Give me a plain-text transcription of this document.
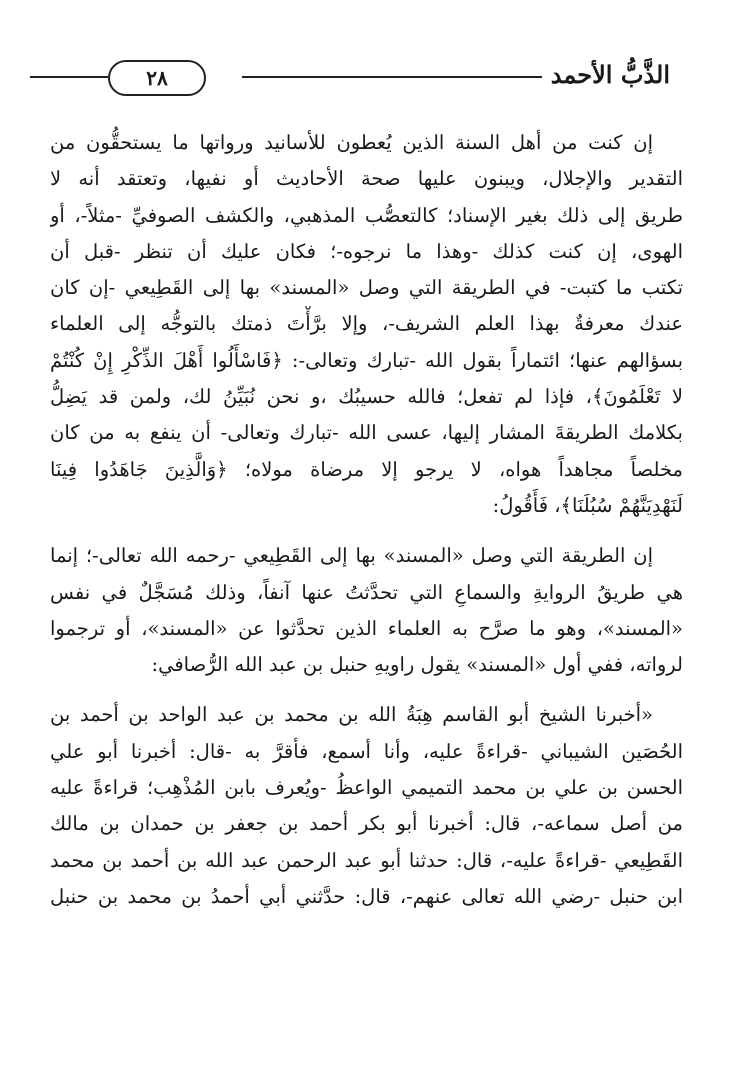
الذَّبُّ الأحمد
٢٨
إن كنت من أهل السنة الذين يُعطون للأسانيد ورواتها ما يستحقُّون من
التقدير والإجلال، ويبنون عليها صحة الأحاديث أو نفيها، وتعتقد أنه لا
طريق إلى ذلك بغير الإسناد؛ كالتعصُّب المذهبي، والكشف الصوفيِّ -مثلاً-، أو
الهوى، إن كنت كذلك -وهذا ما نرجوه-؛ فكان عليك أن تنظر -قبل أن
تكتب ما كتبت- في الطريقة التي وصل «المسند» بها إلى القَطِيعي -إن كان
عندك معرفةٌ بهذا العلم الشريف-، وإلا برَّأْتَ ذمتك بالتوجُّه إلى العلماء
بسؤالهم عنها؛ ائتماراً بقول الله -تبارك وتعالى-: ﴿فَاسْأَلُوا أَهْلَ الذِّكْرِ إِنْ كُنْتُمْ
لا تَعْلَمُونَ﴾، فإذا لم تفعل؛ فالله حسيبُك ،و نحن نُبَيِّنُ لك، ولمن قد يَضِلُّ
بكلامك الطريقةَ المشار إليها، عسى الله -تبارك وتعالى- أن ينفع به من كان
مخلصاً مجاهداً هواه، لا يرجو إلا مرضاة مولاه؛ ﴿وَالَّذِينَ جَاهَدُوا فِينَا
لَنَهْدِيَنَّهُمْ سُبُلَنَا﴾، فَأَقُولُ:
إن الطريقة التي وصل «المسند» بها إلى القَطِيعي -رحمه الله تعالى-؛ إنما
هي طريقُ الروايةِ والسماعِ التي تحدَّثتُ عنها آنفاً، وذلك مُسَجَّلٌ في نفس
«المسند»، وهو ما صرَّح به العلماء الذين تحدَّثوا عن «المسند»، أو ترجموا
لرواته، ففي أول «المسند» يقول راويهِ حنبل بن عبد الله الرُّصافي:
«أخبرنا الشيخ أبو القاسم هِبَةُ الله بن محمد بن عبد الواحد بن أحمد بن
الحُصَين الشيباني -قراءةً عليه، وأنا أسمع، فأقرَّ به -قال: أخبرنا أبو علي
الحسن بن علي بن محمد التميمي الواعظُ -ويُعرف بابن المُذْهِب؛ قراءةً عليه
من أصل سماعه-، قال: أخبرنا أبو بكر أحمد بن جعفر بن حمدان بن مالك
القَطِيعي -قراءةً عليه-، قال: حدثنا أبو عبد الرحمن عبد الله بن أحمد بن محمد
ابن حنبل -رضي الله تعالى عنهم-، قال: حدَّثني أبي أحمدُ بن محمد بن حنبل
